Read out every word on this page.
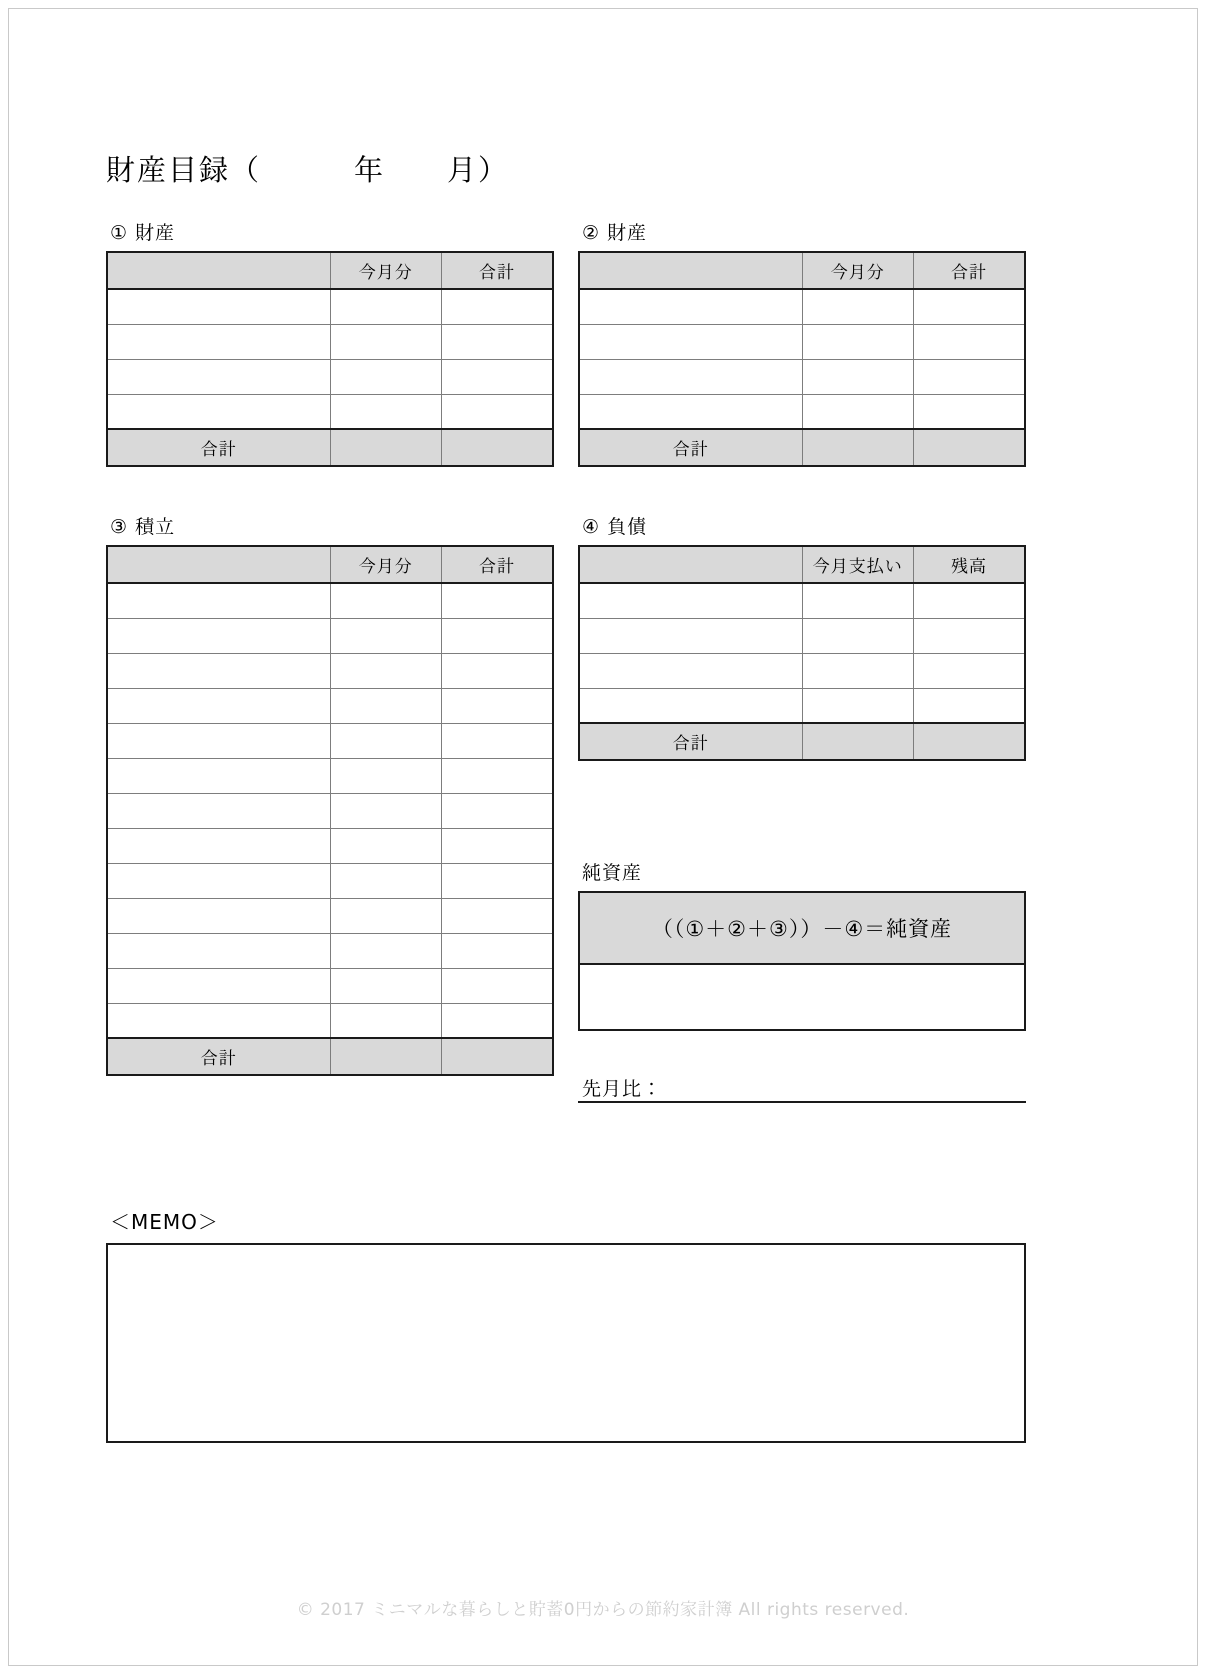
財産目録（　　　年　　月）
① 財産
	今月分	合計

合計		
② 財産
	今月分	合計

合計		
③ 積立
	今月分	合計

合計		
④ 負債
	今月支払い	残高

合計		
純資産
（（①＋②＋③））－④＝純資産
先月比：
＜MEMO＞
© 2017 ミニマルな暮らしと貯蓄0円からの節約家計簿 All rights reserved.
